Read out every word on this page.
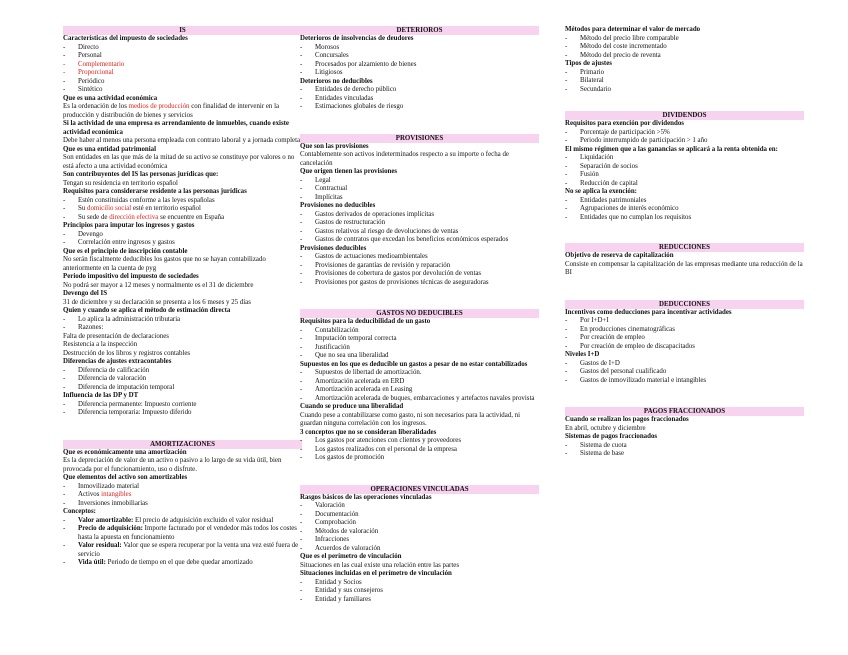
IS
Características del impuesto de sociedades
- Directo
- Personal
- Complementario
- Proporcional
- Periódico
- Sintético
Que es una actividad económica
Es la ordenación de los medios de producción con finalidad de intervenir en la producción y distribución de bienes y servicios
Si la actividad de una empresa es arrendamiento de inmuebles, cuando existe actividad económica
Debe haber al menos una persona empleada con contrato laboral y a jornada completa
Que es una entidad patrimonial
Son entidades en las que más de la mitad de su activo se constituye por valores o no está afecto a una actividad económica
Son contribuyentes del IS las personas jurídicas que:
Tengan su residencia en territorio español
Requisitos para considerarse residente a las personas jurídicas
- Estén constituidas conforme a las leyes españolas
- Su domicilio social esté en territorio español
- Su sede de dirección efectiva se encuentre en España
Principios para imputar los ingresos y gastos
- Devengo
- Correlación entre ingresos y gastos
Que es el principio de inscripción contable
No serán fiscalmente deducibles los gastos que no se hayan contabilizado anteriormente en la cuenta de pyg
Periodo impositivo del impuesto de sociedades
No podrá ser mayor a 12 meses y normalmente es el 31 de diciembre
Devengo del IS
31 de diciembre y su declaración se presenta a los 6 meses y 25 días
Quien y cuando se aplica el método de estimación directa
- Lo aplica la administración tributaria
- Razones:
Falta de presentación de declaraciones
Resistencia a la inspección
Destrucción de los libros y registros contables
Diferencias de ajustes extracontables
- Diferencia de calificación
- Diferencia de valoración
- Diferencia de imputación temporal
Influencia de las DP y DT
- Diferencia permanente: Impuesto corriente
- Diferencia temporaria: Impuesto diferido
AMORTIZACIONES
Que es económicamente una amortización
Es la depreciación de valor de un activo o pasivo a lo largo de su vida útil, bien provocada por el funcionamiento, uso o disfrute.
Que elementos del activo son amortizables
- Inmovilizado material
- Activos intangibles
- Inversiones inmobiliarias
Conceptos:
- Valor amortizable: El precio de adquisición excluido el valor residual
- Precio de adquisición: Importe facturado por el vendedor más todos los costes hasta la apuesta en funcionamiento
- Valor residual: Valor que se espera recuperar por la venta una vez esté fuera de servicio
- Vida útil: Periodo de tiempo en el que debe quedar amortizado
DETERIOROS
Deterioros de insolvencias de deudores
- Morosos
- Concursales
- Procesados por alzamiento de bienes
- Litigiosos
Deterioros no deducibles
- Entidades de derecho público
- Entidades vinculadas
- Estimaciones globales de riesgo
PROVISIONES
Que son las provisiones
Contablemente son activos indeterminados respecto a su importe o fecha de cancelación
Que origen tienen las provisiones
- Legal
- Contractual
- Implícitas
Provisiones no deducibles
- Gastos derivados de operaciones implícitas
- Gastos de restructuración
- Gastos relativos al riesgo de devoluciones de ventas
- Gastos de contratos que excedan los beneficios económicos esperados
Provisiones deducibles
- Gastos de actuaciones medioambientales
- Provisiones de garantías de revisión y reparación
- Provisiones de cobertura de gastos por devolución de ventas
- Provisiones por gastos de provisiones técnicas de aseguradoras
GASTOS NO DEDUCIBLES
Requisitos para la deducibilidad de un gasto
- Contabilización
- Imputación temporal correcta
- Justificación
- Que no sea una liberalidad
Supuestos en los que es deducible un gastos a pesar de no estar contabilizados
- Supuestos de libertad de amortización.
- Amortización acelerada en ERD
- Amortización acelerada en Leasing
- Amortización acelerada de buques, embarcaciones y artefactos navales provista
Cuando se produce una liberalidad
Cuando pese a contabilizarse como gasto, ni son necesarios para la actividad, ni guardan ninguna correlación con los ingresos.
3 conceptos que no se consideran liberalidades
- Los gastos por atenciones con clientes y proveedores
- Los gastos realizados con el personal de la empresa
- Los gastos de promoción
OPERACIONES VINCULADAS
Rasgos básicos de las operaciones vinculadas
- Valoración
- Documentación
- Comprobación
- Métodos de valoración
- Infracciones
- Acuerdos de valoración
Que es el perímetro de vinculación
Situaciones en las cual existe una relación entre las partes
Situaciones incluidas en el perímetro de vinculación
- Entidad y Socios
- Entidad y sus consejeros
- Entidad y familiares
Métodos para determinar el valor de mercado
- Método del precio libre comparable
- Método del coste incrementado
- Método del precio de reventa
Tipos de ajustes
- Primario
- Bilateral
- Secundario
DIVIDENDOS
Requisitos para exención por dividendos
- Porcentaje de participación >5%
- Periodo interrumpido de participación > 1 año
El mismo régimen que a las ganancias se aplicará a la renta obtenida en:
- Liquidación
- Separación de socios
- Fusión
- Reducción de capital
No se aplica la exención:
- Entidades patrimoniales
- Agrupaciones de interés económico
- Entidades que no cumplan los requisitos
REDUCCIONES
Objetivo de reserva de capitalización
Consiste en compensar la capitalización de las empresas mediante una reducción de la BI
DEDUCCIONES
Incentivos como deducciones para incentivar actividades
- Por I+D+I
- En producciones cinematográficas
- Por creación de empleo
- Por creación de empleo de discapacitados
Niveles I+D
- Gastos de I+D
- Gastos del personal cualificado
- Gastos de inmovilizado material e intangibles
PAGOS FRACCIONADOS
Cuando se realizan los pagos fraccionados
En abril, octubre y diciembre
Sistemas de pagos fraccionados
- Sistema de cuota
- Sistema de base
